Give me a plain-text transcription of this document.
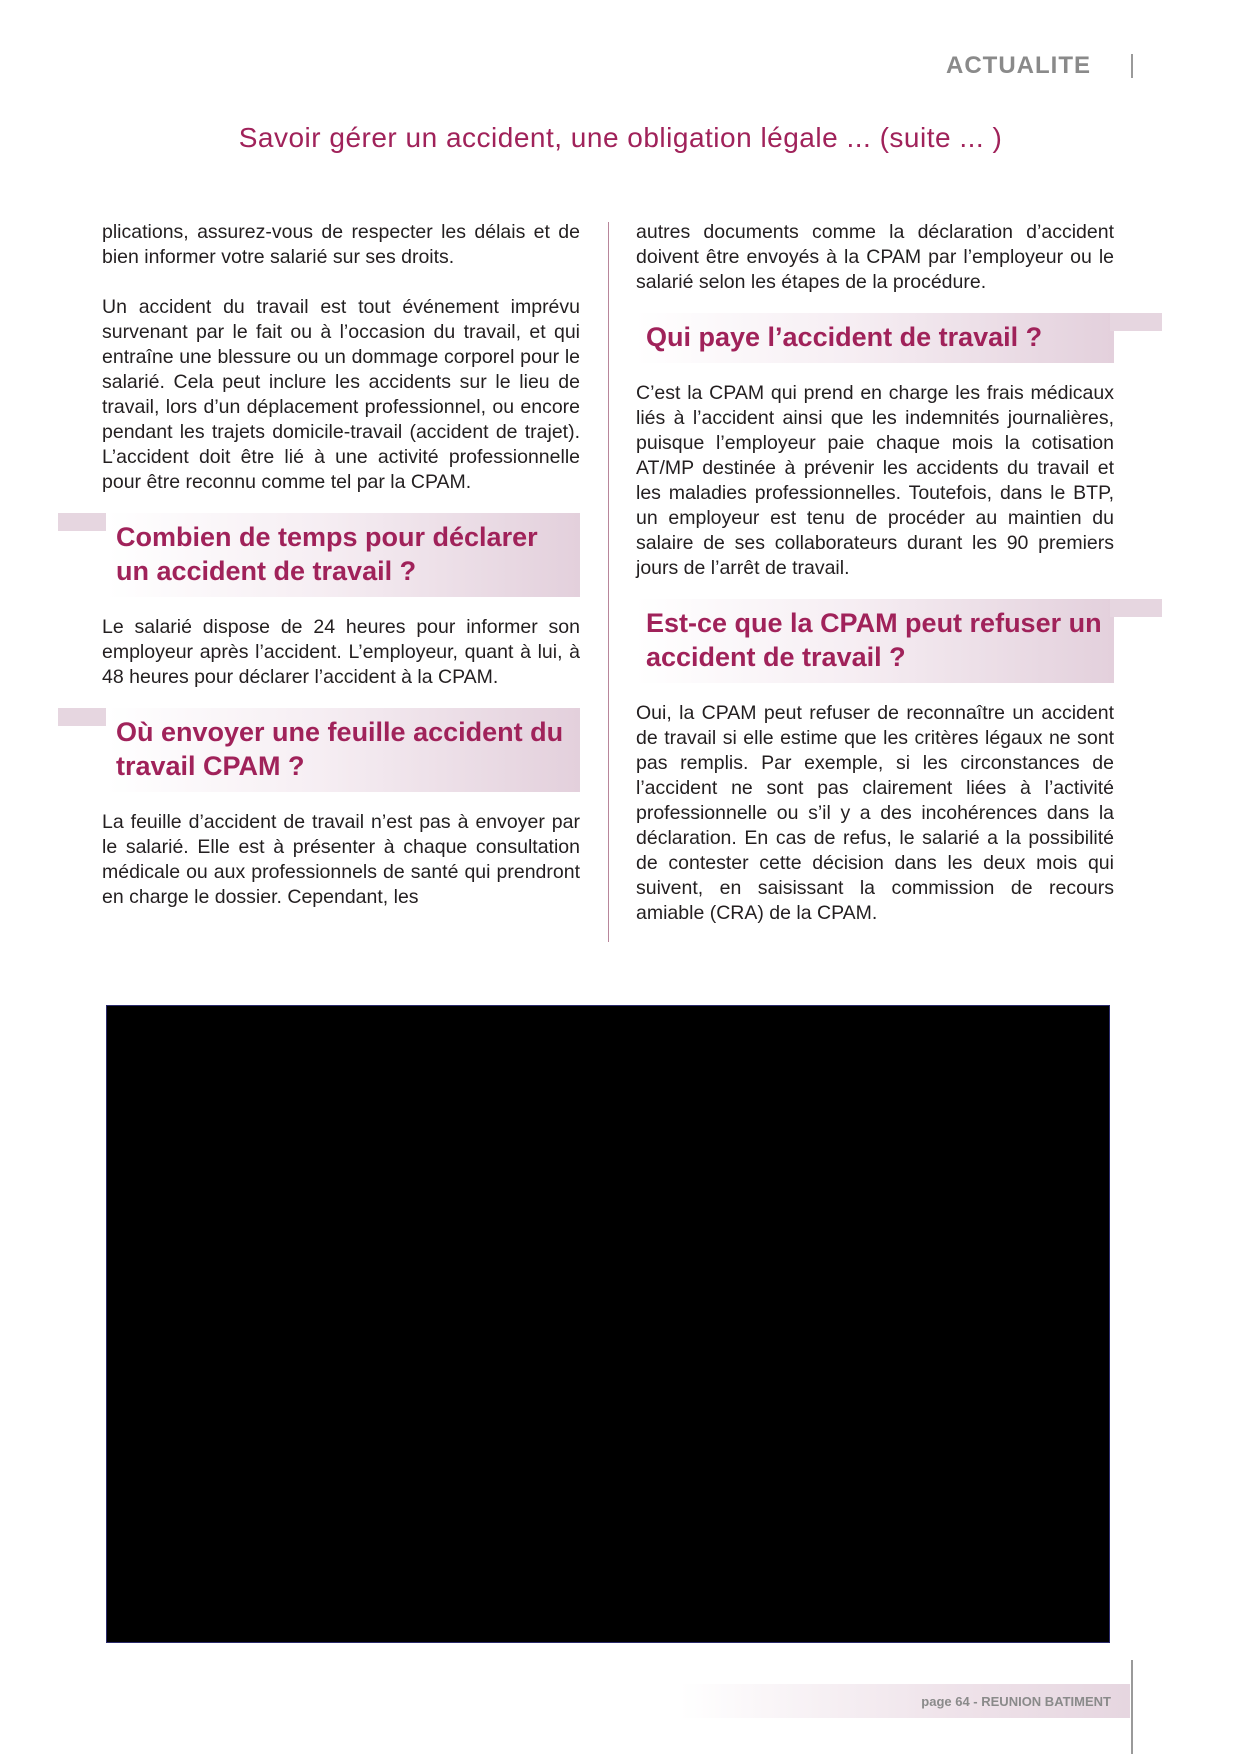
ACTUALITE
Savoir gérer un accident, une obligation légale ... (suite ... )

plications, assurez-vous de respecter les délais et de bien informer votre salarié sur ses droits.

Un accident du travail est tout événement imprévu survenant par le fait ou à l’occasion du travail, et qui entraîne une blessure ou un dommage corporel pour le salarié. Cela peut inclure les accidents sur le lieu de travail, lors d’un déplacement professionnel, ou encore pendant les trajets domicile-travail (accident de trajet). L’accident doit être lié à une activité professionnelle pour être reconnu comme tel par la CPAM.

Combien de temps pour déclarer un accident de travail ?

Le salarié dispose de 24 heures pour informer son employeur après l’accident. L’employeur, quant à lui, à 48 heures pour déclarer l’accident à la CPAM.

Où envoyer une feuille accident du travail CPAM ?

La feuille d’accident de travail n’est pas à envoyer par le salarié. Elle est à présenter à chaque consultation médicale ou aux professionnels de santé qui prendront en charge le dossier. Cependant, les

autres documents comme la déclaration d’accident doivent être envoyés à la CPAM par l’employeur ou le salarié selon les étapes de la procédure.

Qui paye l’accident de travail ?

C’est la CPAM qui prend en charge les frais médicaux liés à l’accident ainsi que les indemnités journalières, puisque l’employeur paie chaque mois la cotisation AT/MP destinée à prévenir les accidents du travail et les maladies professionnelles. Toutefois, dans le BTP, un employeur est tenu de procéder au maintien du salaire de ses collaborateurs durant les 90 premiers jours de l’arrêt de travail.

Est-ce que la CPAM peut refuser un accident de travail ?

Oui, la CPAM peut refuser de reconnaître un accident de travail si elle estime que les critères légaux ne sont pas remplis. Par exemple, si les circonstances de l’accident ne sont pas clairement liées à l’activité professionnelle ou s’il y a des incohérences dans la déclaration. En cas de refus, le salarié a la possibilité de contester cette décision dans les deux mois qui suivent, en saisissant la commission de recours amiable (CRA) de la CPAM.

page 64 - REUNION BATIMENT
